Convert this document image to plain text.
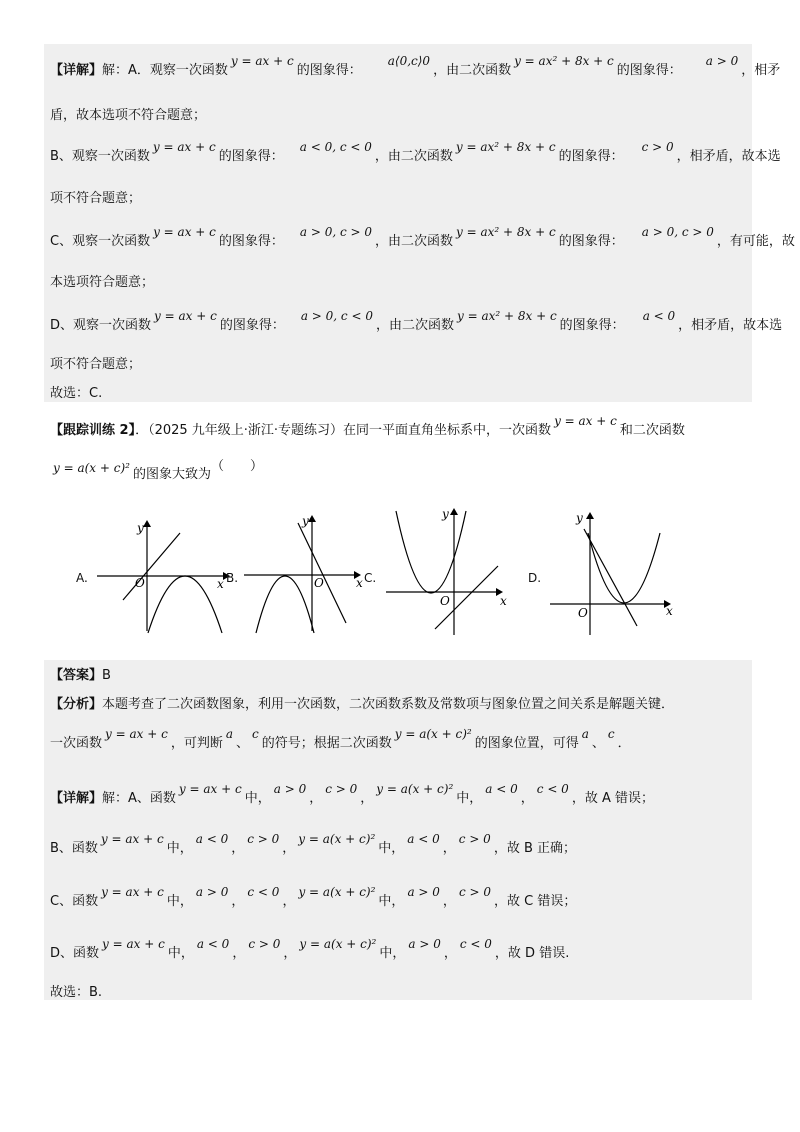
【详解】解：A．观察一次函数y = ax + c的图象得：a⟨0,c⟩0，由二次函数y = ax² + 8x + c的图象得：a > 0，相矛
盾，故本选项不符合题意；
B、观察一次函数y = ax + c的图象得：a < 0, c < 0，由二次函数y = ax² + 8x + c的图象得：c > 0，相矛盾，故本选
项不符合题意；
C、观察一次函数y = ax + c的图象得：a > 0, c > 0，由二次函数y = ax² + 8x + c的图象得：a > 0, c > 0，有可能，故
本选项符合题意；
D、观察一次函数y = ax + c的图象得：a > 0, c < 0，由二次函数y = ax² + 8x + c的图象得：a < 0，相矛盾，故本选
项不符合题意；
故选：C.
【跟踪训练 2】．（2025 九年级上·浙江·专题练习）在同一平面直角坐标系中，一次函数y = ax + c和二次函数
y = a(x + c)² 的图象大致为（　　）
y
x
O
y
x
O
y
x
O
y
x
O
A.	B.	C.	D.
【答案】B
【分析】本题考查了二次函数图象，利用一次函数，二次函数系数及常数项与图象位置之间关系是解题关键．
一次函数y = ax + c，可判断a、c的符号；根据二次函数y = a(x + c)²的图象位置，可得a、c．
【详解】解：A、函数y = ax + c中，a > 0，c > 0，y = a(x + c)²中，a < 0，c < 0，故 A 错误；
B、函数y = ax + c中，a < 0，c > 0，y = a(x + c)²中，a < 0，c > 0，故 B 正确；
C、函数y = ax + c中，a > 0，c < 0，y = a(x + c)²中，a > 0，c > 0，故 C 错误；
D、函数y = ax + c中，a < 0，c > 0，y = a(x + c)²中，a > 0，c < 0，故 D 错误.
故选：B.
